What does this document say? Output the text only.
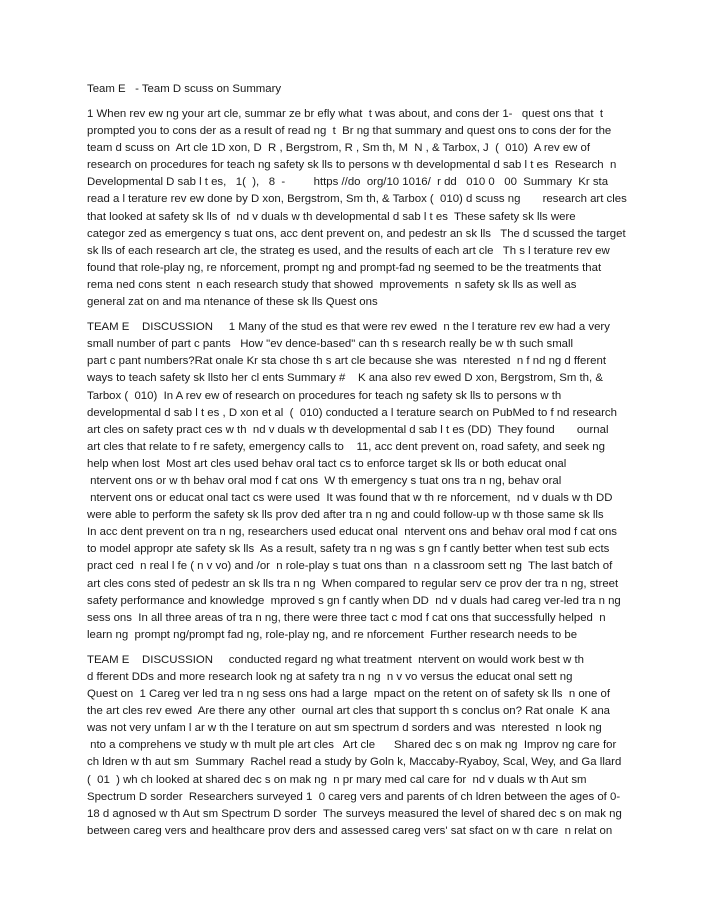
Team E   - Team D scuss on Summary
1 When rev ew ng your art cle, summar ze br efly what  t was about, and cons der 1-   quest ons that  t
prompted you to cons der as a result of read ng  t  Br ng that summary and quest ons to cons der for the
team d scuss on  Art cle 1D xon, D  R , Bergstrom, R , Sm th, M  N , & Tarbox, J  (  010)  A rev ew of
research on procedures for teach ng safety sk lls to persons w th developmental d sab l t es  Research  n
Developmental D sab l t es,   1(  ),   8  -         https //do  org/10 1016/  r dd   010 0   00  Summary  Kr sta
read a l terature rev ew done by D xon, Bergstrom, Sm th, & Tarbox (  010) d scuss ng       research art cles
that looked at safety sk lls of  nd v duals w th developmental d sab l t es  These safety sk lls were
categor zed as emergency s tuat ons, acc dent prevent on, and pedestr an sk lls   The d scussed the target
sk lls of each research art cle, the strateg es used, and the results of each art cle   Th s l terature rev ew
found that role-play ng, re nforcement, prompt ng and prompt-fad ng seemed to be the treatments that
rema ned cons stent  n each research study that showed  mprovements  n safety sk lls as well as
general zat on and ma ntenance of these sk lls Quest ons
TEAM E    DISCUSSION     1 Many of the stud es that were rev ewed  n the l terature rev ew had a very
small number of part c pants   How "ev dence-based" can th s research really be w th such small
part c pant numbers?Rat onale Kr sta chose th s art cle because she was  nterested  n f nd ng d fferent
ways to teach safety sk llsto her cl ents Summary #    K ana also rev ewed D xon, Bergstrom, Sm th, &
Tarbox (  010)  In A rev ew of research on procedures for teach ng safety sk lls to persons w th
developmental d sab l t es , D xon et al  (  010) conducted a l terature search on PubMed to f nd research
art cles on safety pract ces w th  nd v duals w th developmental d sab l t es (DD)  They found       ournal
art cles that relate to f re safety, emergency calls to    11, acc dent prevent on, road safety, and seek ng
help when lost  Most art cles used behav oral tact cs to enforce target sk lls or both educat onal
ntervent ons or w th behav oral mod f cat ons  W th emergency s tuat ons tra n ng, behav oral
ntervent ons or educat onal tact cs were used  It was found that w th re nforcement,  nd v duals w th DD
were able to perform the safety sk lls prov ded after tra n ng and could follow-up w th those same sk lls
In acc dent prevent on tra n ng, researchers used educat onal  ntervent ons and behav oral mod f cat ons
to model appropr ate safety sk lls  As a result, safety tra n ng was s gn f cantly better when test sub ects
pract ced  n real l fe ( n v vo) and /or  n role-play s tuat ons than  n a classroom sett ng  The last batch of
art cles cons sted of pedestr an sk lls tra n ng  When compared to regular serv ce prov der tra n ng, street
safety performance and knowledge  mproved s gn f cantly when DD  nd v duals had careg ver-led tra n ng
sess ons  In all three areas of tra n ng, there were three tact c mod f cat ons that successfully helped  n
learn ng  prompt ng/prompt fad ng, role-play ng, and re nforcement  Further research needs to be
TEAM E    DISCUSSION     conducted regard ng what treatment  ntervent on would work best w th
d fferent DDs and more research look ng at safety tra n ng  n v vo versus the educat onal sett ng
Quest on  1 Careg ver led tra n ng sess ons had a large  mpact on the retent on of safety sk lls  n one of
the art cles rev ewed  Are there any other  ournal art cles that support th s conclus on? Rat onale  K ana
was not very unfam l ar w th the l terature on aut sm spectrum d sorders and was  nterested  n look ng
nto a comprehens ve study w th mult ple art cles   Art cle      Shared dec s on mak ng  Improv ng care for
ch ldren w th aut sm  Summary  Rachel read a study by Goln k, Maccaby-Ryaboy, Scal, Wey, and Ga llard
(  01  ) wh ch looked at shared dec s on mak ng  n pr mary med cal care for  nd v duals w th Aut sm
Spectrum D sorder  Researchers surveyed 1  0 careg vers and parents of ch ldren between the ages of 0-
18 d agnosed w th Aut sm Spectrum D sorder  The surveys measured the level of shared dec s on mak ng
between careg vers and healthcare prov ders and assessed careg vers' sat sfact on w th care  n relat on
